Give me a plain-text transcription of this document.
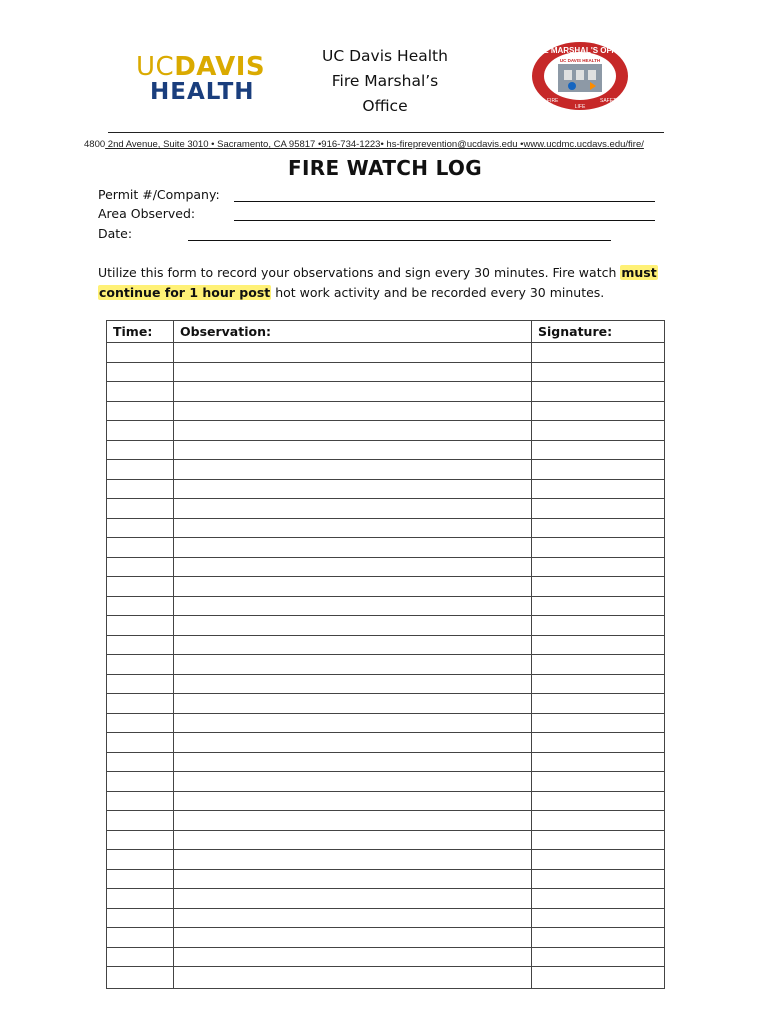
UCDAVIS
HEALTH
UC Davis Health
Fire Marshal’s
Office
FIRE MARSHAL'S OFFICE
UC DAVIS HEALTH
FIRE
LIFE
SAFETY
4800 2nd Avenue, Suite 3010 • Sacramento, CA 95817 •916-734-1223• hs-fireprevention@ucdavis.edu •www.ucdmc.ucdavs.edu/fire/
FIRE WATCH LOG
Permit #/Company:
Area Observed:
Date:
Utilize this form to record your observations and sign every 30 minutes. Fire watch must
continue for 1 hour post hot work activity and be recorded every 30 minutes.
Time:	Observation:	Signature:
